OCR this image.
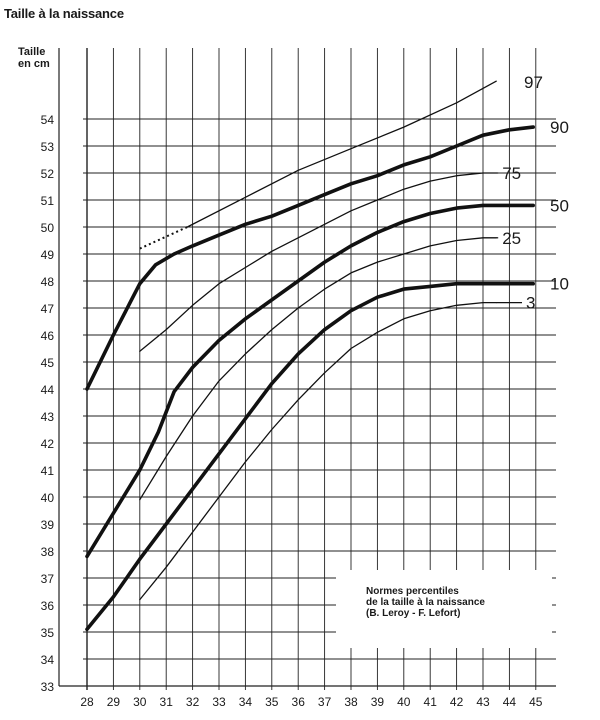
Taille à la naissance
Taille
en cm
97
90
75
50
25
10
3
28 29 30 31 32 33 34 35 36 37 38 39 40 41 42 43 44 45
33
34
35
36
37
38
39
40
41
42
43
44
45
46
47
48
49
50
51
52
53
54
Normes percentiles
de la taille à la naissance
(B. Leroy - F. Lefort)
